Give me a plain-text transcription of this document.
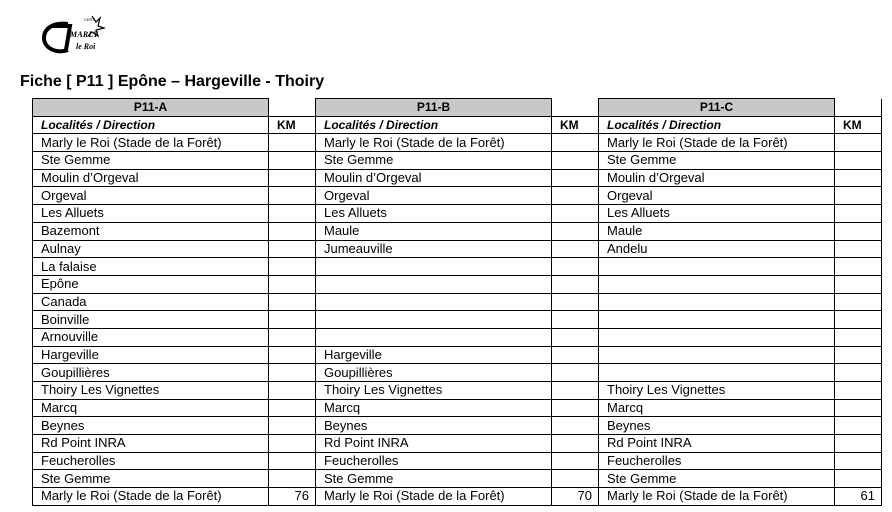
CERT
MARLY
le Roi
Fiche [ P11 ] Epône – Hargeville - Thoiry
P11-A		P11-B		P11-C	
Localités / Direction	KM	Localités / Direction	KM	Localités / Direction	KM
Marly le Roi (Stade de la Forêt)		Marly le Roi (Stade de la Forêt)		Marly le Roi (Stade de la Forêt)	
Ste Gemme		Ste Gemme		Ste Gemme	
Moulin d’Orgeval		Moulin d’Orgeval		Moulin d’Orgeval	
Orgeval		Orgeval		Orgeval	
Les Alluets		Les Alluets		Les Alluets	
Bazemont		Maule		Maule	
Aulnay		Jumeauville		Andelu	
La falaise					
Epône					
Canada					
Boinville					
Arnouville					
Hargeville		Hargeville			
Goupillières		Goupillières			
Thoiry Les Vignettes		Thoiry Les Vignettes		Thoiry Les Vignettes	
Marcq		Marcq		Marcq	
Beynes		Beynes		Beynes	
Rd Point INRA		Rd Point INRA		Rd Point INRA	
Feucherolles		Feucherolles		Feucherolles	
Ste Gemme		Ste Gemme		Ste Gemme	
Marly le Roi (Stade de la Forêt)	76	Marly le Roi (Stade de la Forêt)	70	Marly le Roi (Stade de la Forêt)	61
